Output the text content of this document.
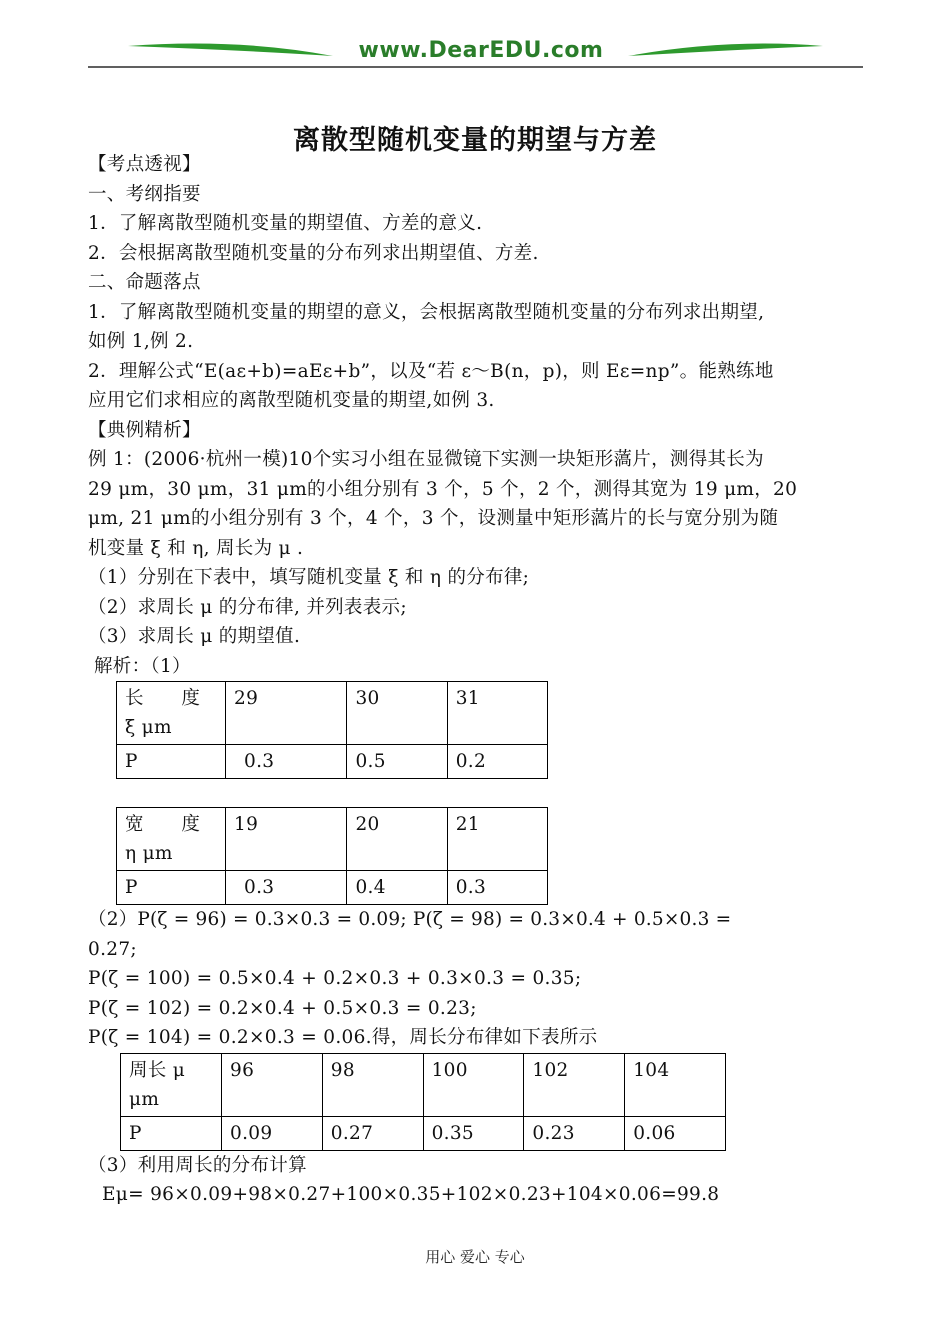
www.DearEDU.com
离散型随机变量的期望与方差
【考点透视】
一、考纲指要
1．了解离散型随机变量的期望值、方差的意义.
2．会根据离散型随机变量的分布列求出期望值、方差.
二、命题落点
1．了解离散型随机变量的期望的意义，会根据离散型随机变量的分布列求出期望,
如例 1,例 2.
2．理解公式“E(aε+b)=aEε+b”，以及“若 ε～B(n，p)，则 Eε=np”。能熟练地
应用它们求相应的离散型随机变量的期望,如例 3.
【典例精析】
例 1：(2006·杭州一模)10个实习小组在显微镜下实测一块矩形薃片，测得其长为
29 μm，30 μm，31 μm的小组分别有 3 个，5 个，2 个，测得其宽为 19 μm，20
μm, 21 μm的小组分别有 3 个，4 个，3 个，设测量中矩形薃片的长与宽分别为随
机变量 ξ 和 η, 周长为 μ .
（1）分别在下表中，填写随机变量 ξ 和 η 的分布律;
（2）求周长 μ 的分布律, 并列表表示;
（3）求周长 μ 的期望值.
解析：（1）
长　　度
ξ μm	29	30	31
P	0.3	0.5	0.2
宽　　度
η μm	19	20	21
P	0.3	0.4	0.3
（2）P(ζ = 96) = 0.3×0.3 = 0.09; P(ζ = 98) = 0.3×0.4 + 0.5×0.3 =
0.27;
P(ζ = 100) = 0.5×0.4 + 0.2×0.3 + 0.3×0.3 = 0.35;
P(ζ = 102) = 0.2×0.4 + 0.5×0.3 = 0.23;
P(ζ = 104) = 0.2×0.3 = 0.06.得，周长分布律如下表所示
周长 μ
μm	96	98	100	102	104
P	0.09	0.27	0.35	0.23	0.06
（3）利用周长的分布计算
Eμ= 96×0.09+98×0.27+100×0.35+102×0.23+104×0.06=99.8
用心 爱心 专心
